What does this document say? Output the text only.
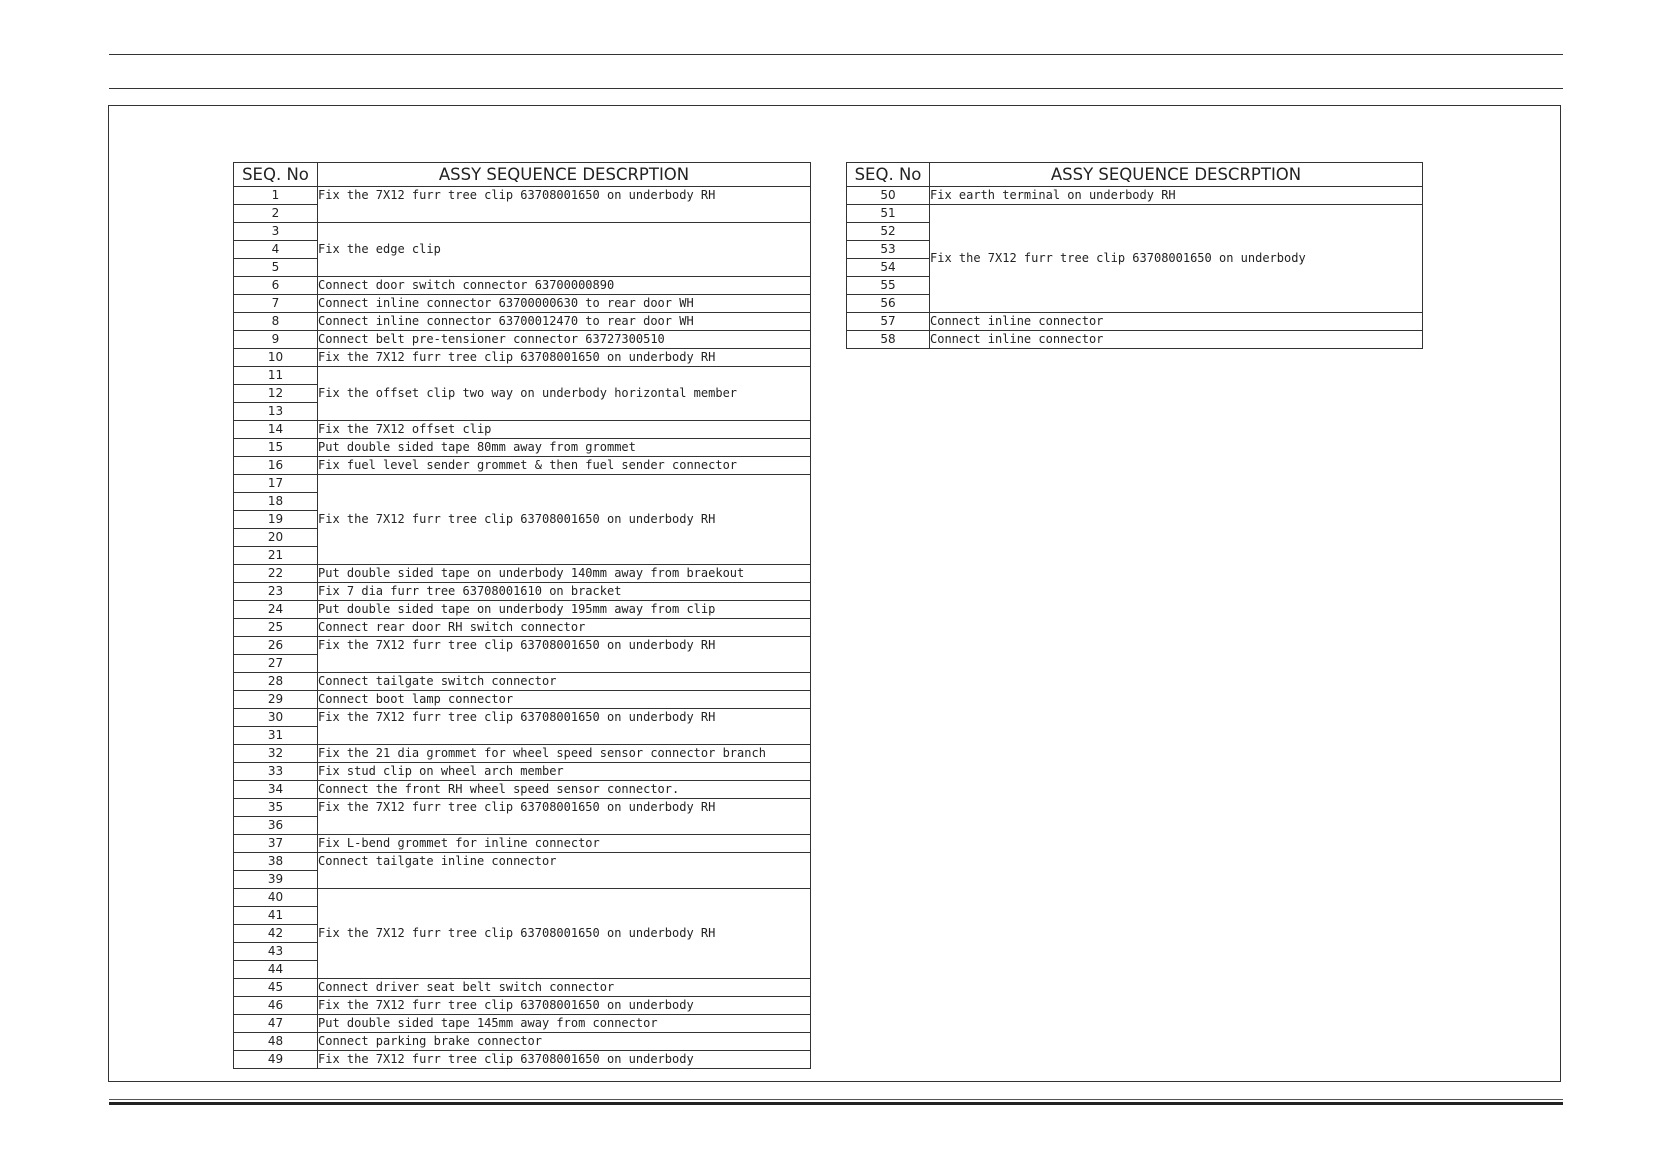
SEQ. No	ASSY SEQUENCE DESCRPTION
1	Fix the 7X12 furr tree clip 63708001650 on underbody RH
2	
3	Fix the edge clip
4	
5	
6	Connect door switch connector 63700000890
7	Connect inline connector 63700000630 to rear door WH
8	Connect inline connector 63700012470 to rear door WH
9	Connect belt pre-tensioner connector 63727300510
10	Fix the 7X12 furr tree clip 63708001650 on underbody RH
11	Fix the offset clip two way on underbody horizontal member
12	
13	
14	Fix the 7X12 offset clip
15	Put double sided tape 80mm away from grommet
16	Fix fuel level sender grommet & then fuel sender connector
17	Fix the 7X12 furr tree clip 63708001650 on underbody RH
18	
19	
20	
21	
22	Put double sided tape on underbody 140mm away from braekout
23	Fix 7 dia furr tree 63708001610 on bracket
24	Put double sided tape on underbody 195mm away from clip
25	Connect rear door RH switch connector
26	Fix the 7X12 furr tree clip 63708001650 on underbody RH
27	
28	Connect tailgate switch connector
29	Connect boot lamp connector
30	Fix the 7X12 furr tree clip 63708001650 on underbody RH
31	
32	Fix the 21 dia grommet for wheel speed sensor connector branch
33	Fix stud clip on wheel arch member
34	Connect the front RH wheel speed sensor connector.
35	Fix the 7X12 furr tree clip 63708001650 on underbody RH
36	
37	Fix L-bend grommet for inline connector
38	Connect tailgate inline connector
39	
40	Fix the 7X12 furr tree clip 63708001650 on underbody RH
41	
42	
43	
44	
45	Connect driver seat belt switch connector
46	Fix the 7X12 furr tree clip 63708001650 on underbody
47	Put double sided tape 145mm away from connector
48	Connect parking brake connector
49	Fix the 7X12 furr tree clip 63708001650 on underbody
SEQ. No	ASSY SEQUENCE DESCRPTION
50	Fix earth terminal on underbody RH
51	Fix the 7X12 furr tree clip 63708001650 on underbody
52	
53	
54	
55	
56	
57	Connect inline connector
58	Connect inline connector
